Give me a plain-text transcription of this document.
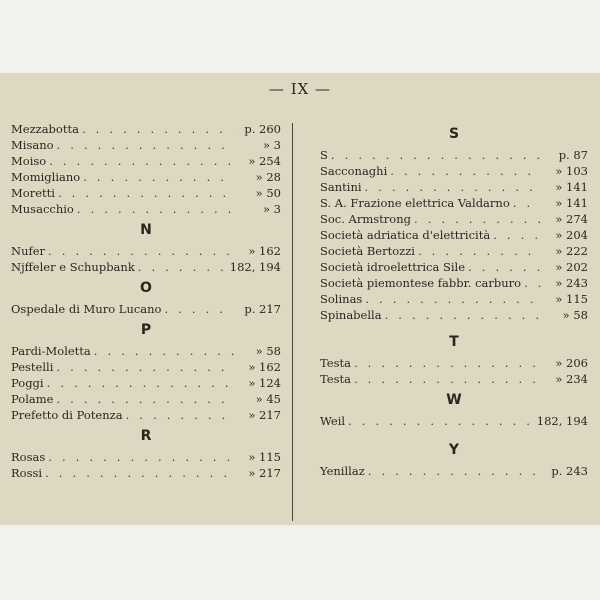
— IX —
Mezzabotta . . .	p. 260
Misano . . .	» 3
Moiso . . .	» 254
Momigliano . . .	» 28
Moretti . . .	» 50
Musacchio . . .	» 3
N
Nufer . . .	» 162
Njffeler e Schupbank . . .	182, 194
O
Ospedale di Muro Lucano . . .	p. 217
P
Pardi-Moletta . . .	» 58
Pestelli . . .	» 162
Poggi . . .	» 124
Polame . . .	» 45
Prefetto di Potenza . . .	» 217
R
Rosas . . .	» 115
Rossi . . .	» 217
S
S . . .	p. 87
Sacconaghi . . .	» 103
Santini . . .	» 141
S. A. Frazione elettrica Valdarno . . .	» 141
Soc. Armstrong . . .	» 274
Società adriatica d'elettricità . . .	» 204
Società Bertozzi . . .	» 222
Società idroelettrica Sile . . .	» 202
Società piemontese fabbr. carburo . . .	» 243
Solinas . . .	» 115
Spinabella . . .	» 58
T
Testa . . .	» 206
Testa . . .	» 234
W
Weil . . .	182, 194
Y
Yenillaz . . .	p. 243
